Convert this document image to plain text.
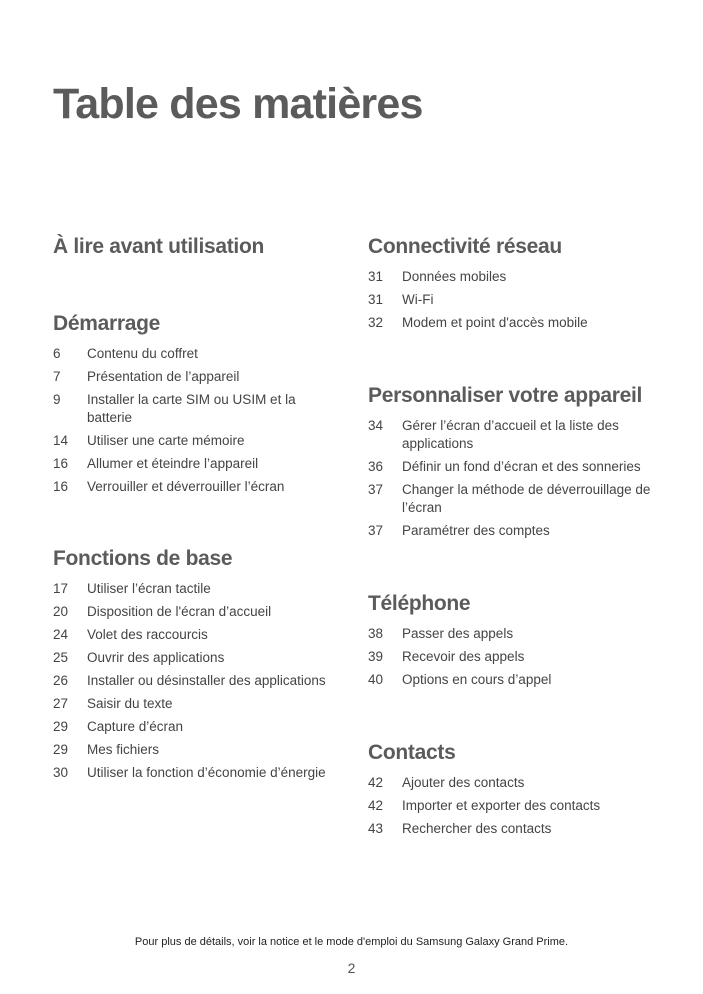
Table des matières
À lire avant utilisation
Démarrage
6	Contenu du coffret
7	Présentation de l’appareil
9	Installer la carte SIM ou USIM et la batterie
14	Utiliser une carte mémoire
16	Allumer et éteindre l’appareil
16	Verrouiller et déverrouiller l’écran
Fonctions de base
17	Utiliser l’écran tactile
20	Disposition de l'écran d’accueil
24	Volet des raccourcis
25	Ouvrir des applications
26	Installer ou désinstaller des applications
27	Saisir du texte
29	Capture d’écran
29	Mes fichiers
30	Utiliser la fonction d’économie d’énergie
Connectivité réseau
31	Données mobiles
31	Wi-Fi
32	Modem et point d'accès mobile
Personnaliser votre appareil
34	Gérer l’écran d’accueil et la liste des applications
36	Définir un fond d’écran et des sonneries
37	Changer la méthode de déverrouillage de l’écran
37	Paramétrer des comptes
Téléphone
38	Passer des appels
39	Recevoir des appels
40	Options en cours d’appel
Contacts
42	Ajouter des contacts
42	Importer et exporter des contacts
43	Rechercher des contacts
Pour plus de détails, voir la notice et le mode d'emploi du Samsung Galaxy Grand Prime.
2
